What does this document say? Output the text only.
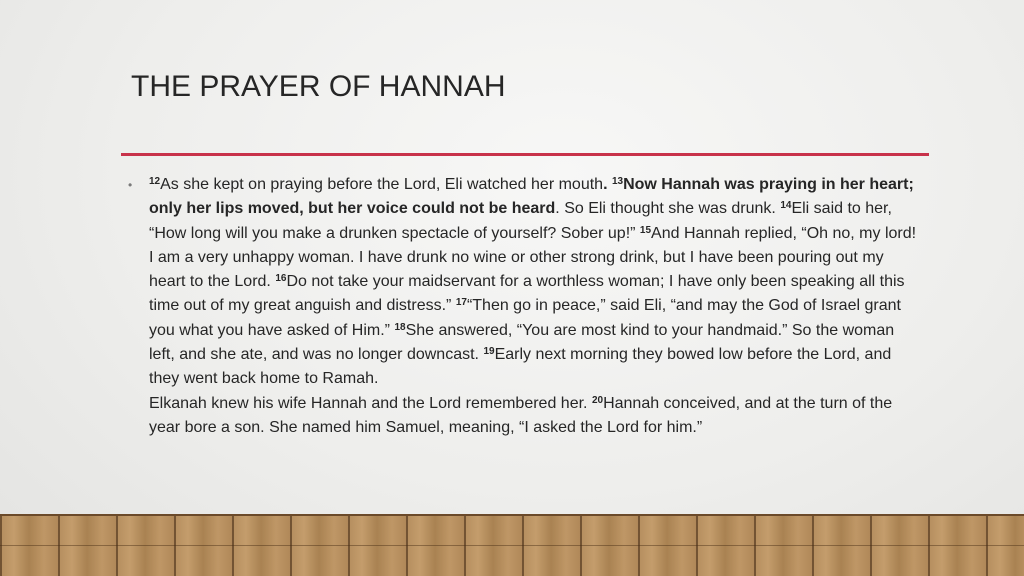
THE PRAYER OF HANNAH
• $^{12}$As she kept on praying before the Lord, Eli watched her mouth. $^{13}$Now Hannah was praying in her heart; only her lips moved, but her voice could not be heard. So Eli thought she was drunk. $^{14}$Eli said to her, “How long will you make a drunken spectacle of yourself? Sober up!” $^{15}$And Hannah replied, “Oh no, my lord! I am a very unhappy woman. I have drunk no wine or other strong drink, but I have been pouring out my heart to the Lord. $^{16}$Do not take your maidservant for a worthless woman; I have only been speaking all this time out of my great anguish and distress.” $^{17}$“Then go in peace,” said Eli, “and may the God of Israel grant you what you have asked of Him.” $^{18}$She answered, “You are most kind to your handmaid.” So the woman left, and she ate, and was no longer downcast. $^{19}$Early next morning they bowed low before the Lord, and they went back home to Ramah.
Elkanah knew his wife Hannah and the Lord remembered her. $^{20}$Hannah conceived, and at the turn of the year bore a son. She named him Samuel, meaning, “I asked the Lord for him.”
